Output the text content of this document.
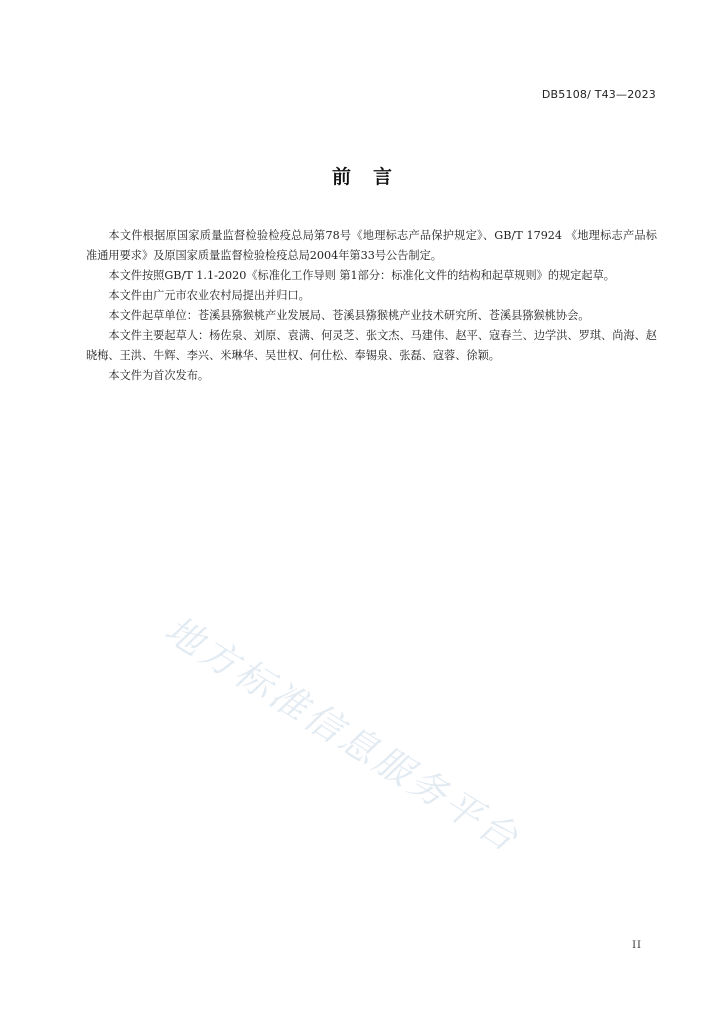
DB5108/ T43—2023
前言

本文件根据原国家质量监督检验检疫总局第78号《地理标志产品保护规定》、GB/T 17924 《地理标志产品标准通用要求》及原国家质量监督检验检疫总局2004年第33号公告制定。

本文件按照GB/T 1.1-2020《标准化工作导则 第1部分：标准化文件的结构和起草规则》的规定起草。

本文件由广元市农业农村局提出并归口。

本文件起草单位：苍溪县猕猴桃产业发展局、苍溪县猕猴桃产业技术研究所、苍溪县猕猴桃协会。

本文件主要起草人：杨佐泉、刘原、袁满、何灵芝、张文杰、马建伟、赵平、寇春兰、边学洪、罗琪、尚海、赵晓梅、王洪、牛辉、李兴、米琳华、吴世权、何仕松、奉锡泉、张磊、寇蓉、徐颖。

本文件为首次发布。

地方标准信息服务平台
II
